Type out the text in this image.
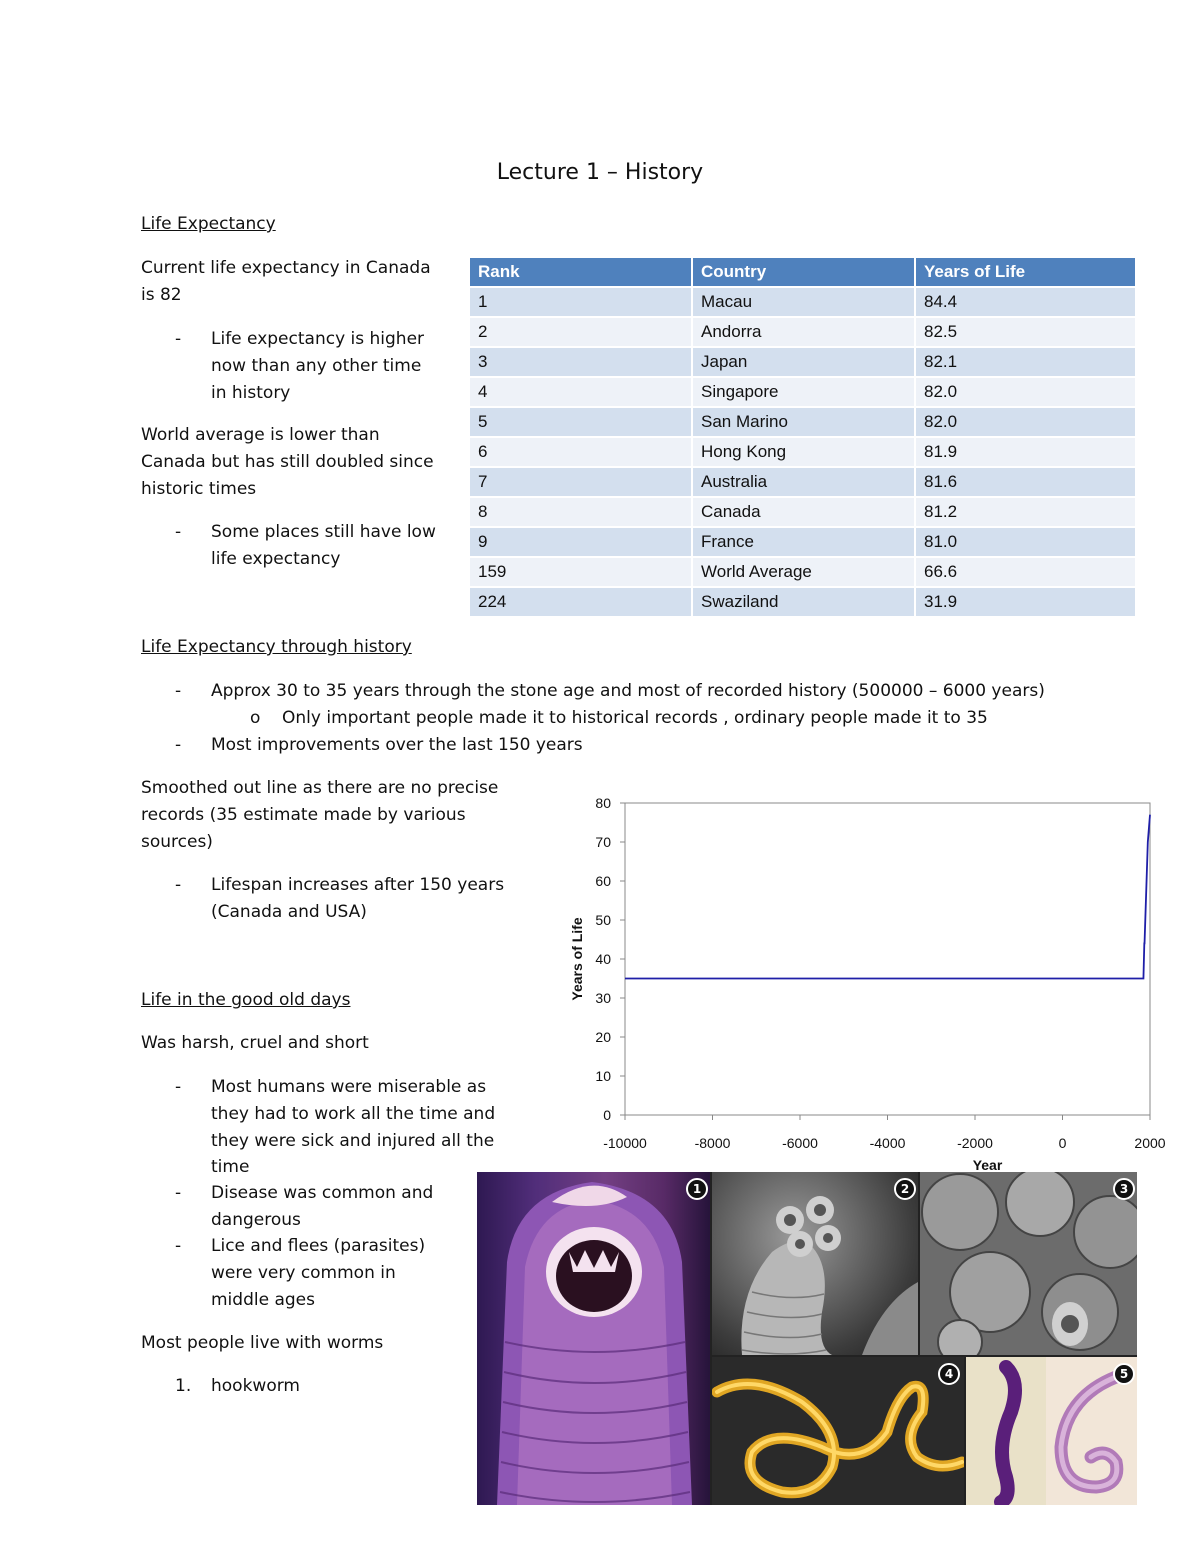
Lecture 1 – History
Life Expectancy
Current life expectancy in Canada
is 82
- Life expectancy is higher
now than any other time
in history
World average is lower than
Canada but has still doubled since
historic times
- Some places still have low
life expectancy
Rank	Country	Years of Life
1	Macau	84.4
2	Andorra	82.5
3	Japan	82.1
4	Singapore	82.0
5	San Marino	82.0
6	Hong Kong	81.9
7	Australia	81.6
8	Canada	81.2
9	France	81.0
159	World Average	66.6
224	Swaziland	31.9
Life Expectancy through history
- Approx 30 to 35 years through the stone age and most of recorded history (500000 – 6000 years)
o Only important people made it to historical records , ordinary people made it to 35
- Most improvements over the last 150 years
Smoothed out line as there are no precise
records (35 estimate made by various
sources)
- Lifespan increases after 150 years
(Canada and USA)
0
10
20
30
40
50
60
70
80
-10000	-8000	-6000	-4000	-2000	0	2000
Years of Life
Year
Life in the good old days
Was harsh, cruel and short
- Most humans were miserable as
they had to work all the time and
they were sick and injured all the
time
- Disease was common and
dangerous
- Lice and flees (parasites)
were very common in
middle ages
Most people live with worms
1. hookworm
1	2	3
4	5
